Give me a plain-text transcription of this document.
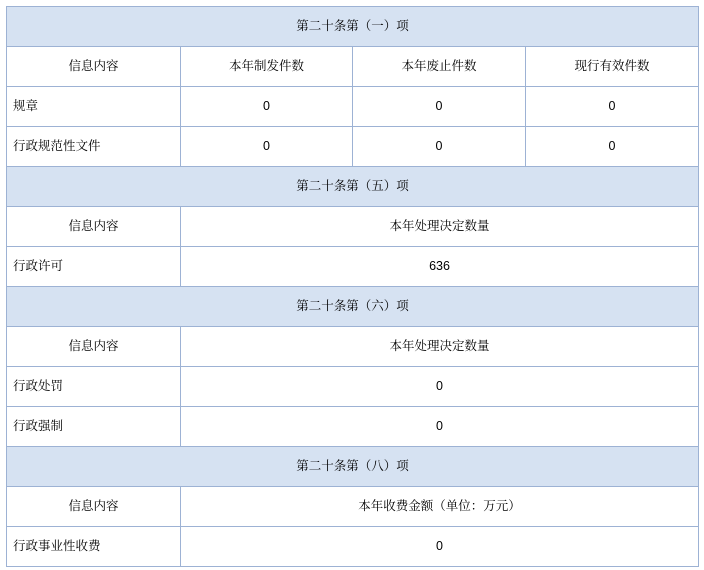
第二十条第（一）项			
信息内容	本年制发件数	本年废止件数	现行有效件数
规章	0	0	0
行政规范性文件	0	0	0
第二十条第（五）项			
信息内容	本年处理决定数量		
行政许可	636		
第二十条第（六）项			
信息内容	本年处理决定数量		
行政处罚	0		
行政强制	0		
第二十条第（八）项			
信息内容	本年收费金额（单位：万元）		
行政事业性收费	0		
